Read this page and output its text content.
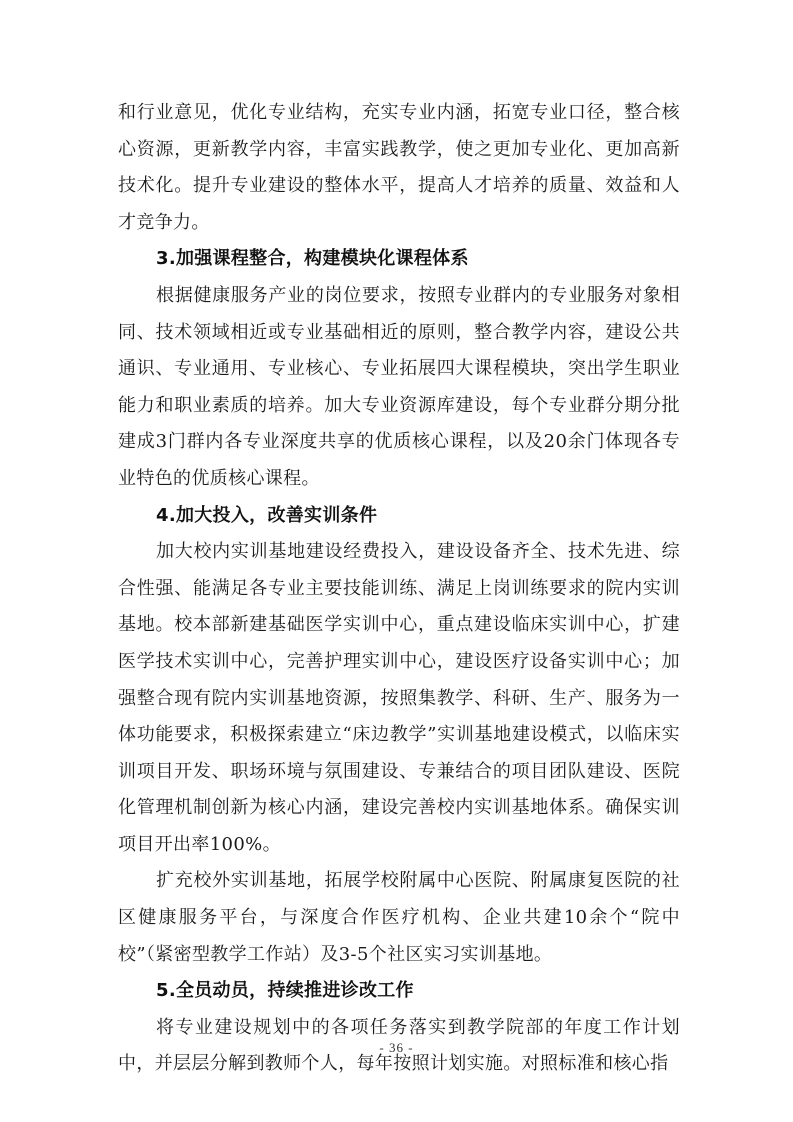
和行业意见，优化专业结构，充实专业内涵，拓宽专业口径，整合核心资源，更新教学内容，丰富实践教学，使之更加专业化、更加高新技术化。提升专业建设的整体水平，提高人才培养的质量、效益和人才竞争力。

3.加强课程整合，构建模块化课程体系

根据健康服务产业的岗位要求，按照专业群内的专业服务对象相同、技术领域相近或专业基础相近的原则，整合教学内容，建设公共通识、专业通用、专业核心、专业拓展四大课程模块，突出学生职业能力和职业素质的培养。加大专业资源库建设，每个专业群分期分批建成3门群内各专业深度共享的优质核心课程，以及20余门体现各专业特色的优质核心课程。

4.加大投入，改善实训条件

加大校内实训基地建设经费投入，建设设备齐全、技术先进、综合性强、能满足各专业主要技能训练、满足上岗训练要求的院内实训基地。校本部新建基础医学实训中心，重点建设临床实训中心，扩建医学技术实训中心，完善护理实训中心，建设医疗设备实训中心；加强整合现有院内实训基地资源，按照集教学、科研、生产、服务为一体功能要求，积极探索建立“床边教学”实训基地建设模式，以临床实训项目开发、职场环境与氛围建设、专兼结合的项目团队建设、医院化管理机制创新为核心内涵，建设完善校内实训基地体系。确保实训项目开出率100%。

扩充校外实训基地，拓展学校附属中心医院、附属康复医院的社区健康服务平台，与深度合作医疗机构、企业共建10余个“院中校”（紧密型教学工作站）及3-5个社区实习实训基地。

5.全员动员，持续推进诊改工作

将专业建设规划中的各项任务落实到教学院部的年度工作计划中，并层层分解到教师个人，每年按照计划实施。对照标准和核心指

- 36 -
